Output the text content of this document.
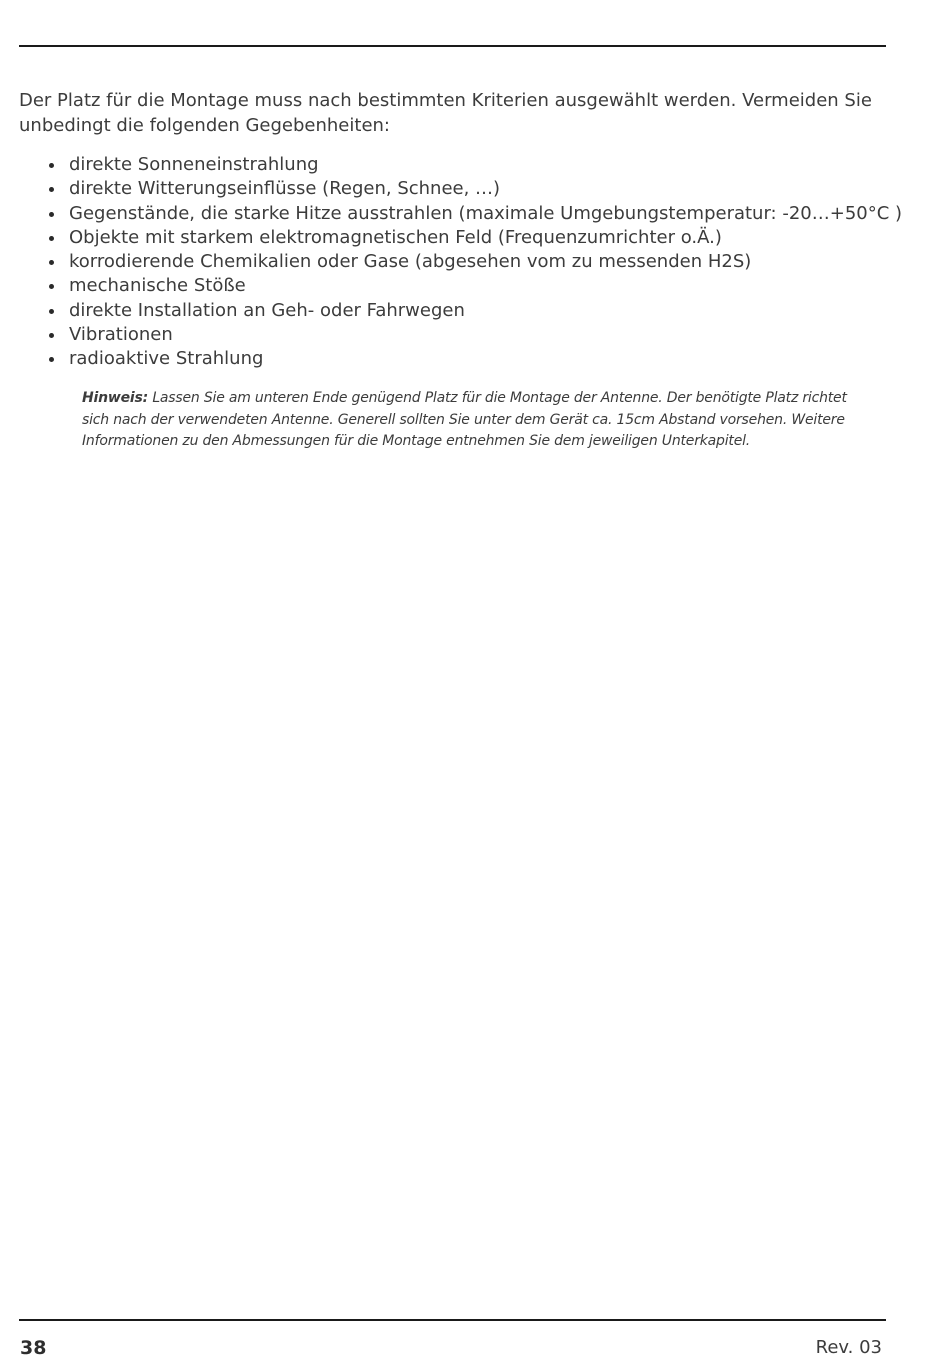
Der Platz für die Montage muss nach bestimmten Kriterien ausgewählt werden. Vermeiden Sie unbedingt die folgenden Gegebenheiten:

direkte Sonneneinstrahlung
direkte Witterungseinflüsse (Regen, Schnee, …)
Gegenstände, die starke Hitze ausstrahlen (maximale Umgebungstemperatur: -20…+50°C )
Objekte mit starkem elektromagnetischen Feld (Frequenzumrichter o.Ä.)
korrodierende Chemikalien oder Gase (abgesehen vom zu messenden H2S)
mechanische Stöße
direkte Installation an Geh- oder Fahrwegen
Vibrationen
radioaktive Strahlung

Hinweis: Lassen Sie am unteren Ende genügend Platz für die Montage der Antenne. Der benötigte Platz richtet sich nach der verwendeten Antenne. Generell sollten Sie unter dem Gerät ca. 15cm Abstand vorsehen. Weitere Informationen zu den Abmessungen für die Montage entnehmen Sie dem jeweiligen Unterkapitel.

38	Rev. 03
